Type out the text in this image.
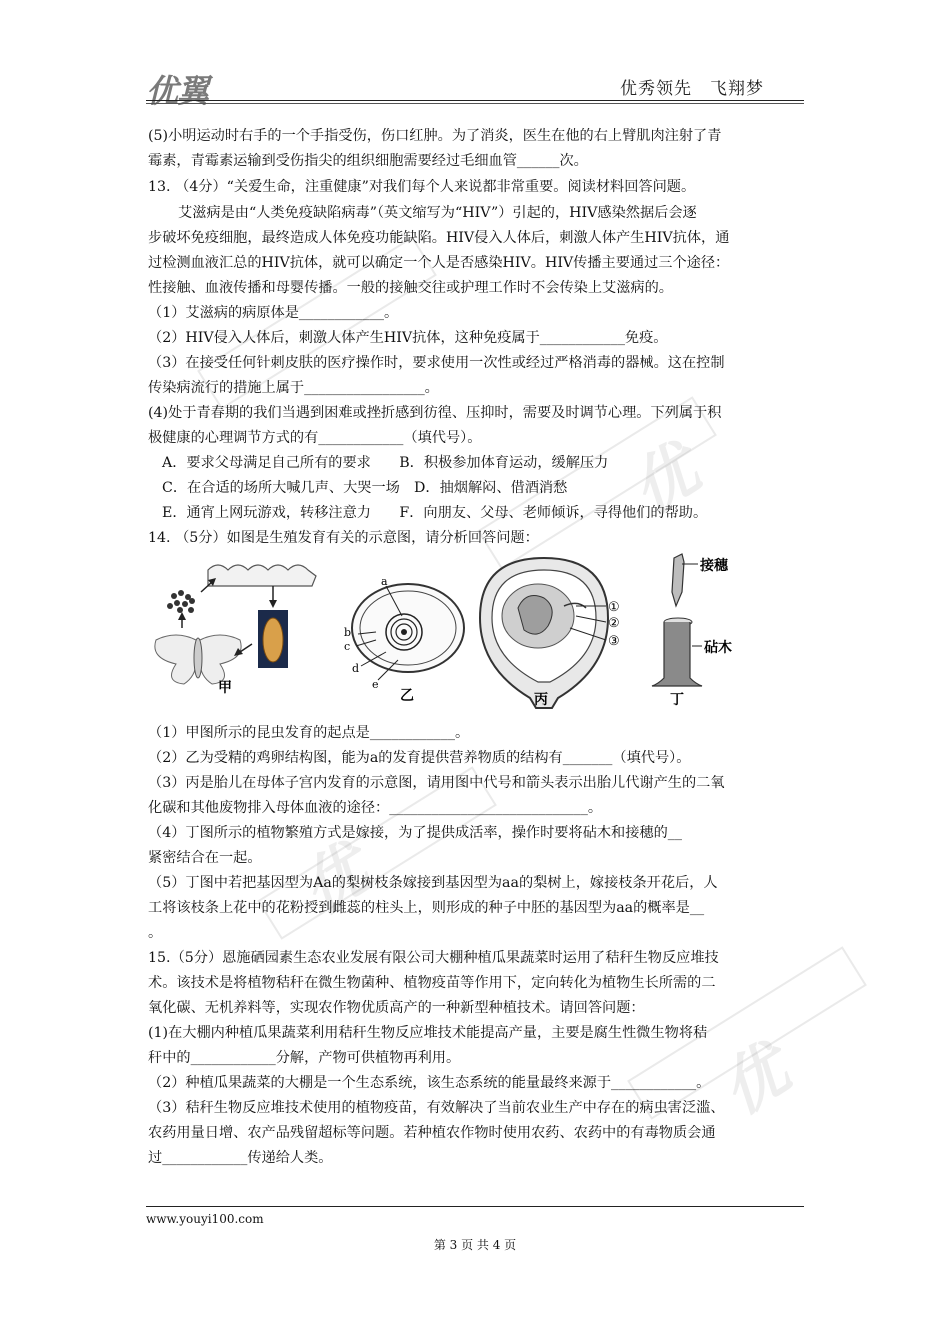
优
优
优
优翼	优秀领先　飞翔梦
(5)小明运动时右手的一个手指受伤，伤口红肿。为了消炎，医生在他的右上臂肌肉注射了青
霉素，青霉素运输到受伤指尖的组织细胞需要经过毛细血管______次。
13. （4分）“关爱生命，注重健康”对我们每个人来说都非常重要。阅读材料回答问题。
艾滋病是由“人类免疫缺陷病毒”（英文缩写为“HIV”）引起的，HIV感染然据后会逐
步破坏免疫细胞，最终造成人体免疫功能缺陷。HIV侵入人体后，刺激人体产生HIV抗体，通
过检测血液汇总的HIV抗体，就可以确定一个人是否感染HIV。HIV传播主要通过三个途径：
性接触、血液传播和母婴传播。一般的接触交往或护理工作时不会传染上艾滋病的。
（1）艾滋病的病原体是____________。
（2）HIV侵入人体后，刺激人体产生HIV抗体，这种免疫属于____________免疫。
（3）在接受任何针刺皮肤的医疗操作时，要求使用一次性或经过严格消毒的器械。这在控制
传染病流行的措施上属于_________________。
(4)处于青春期的我们当遇到困难或挫折感到彷徨、压抑时，需要及时调节心理。下列属于积
极健康的心理调节方式的有____________（填代号）。
A．要求父母满足自己所有的要求　　B．积极参加体育运动，缓解压力
C．在合适的场所大喊几声、大哭一场　D．抽烟解闷、借酒消愁
E．通宵上网玩游戏，转移注意力　　F．向朋友、父母、老师倾诉，寻得他们的帮助。
14. （5分）如图是生殖发育有关的示意图，请分析回答问题：
甲
a
b
c
d
e
乙
①
②
③
丙
接穗
砧木
丁
（1）甲图所示的昆虫发育的起点是____________。
（2）乙为受精的鸡卵结构图，能为a的发育提供营养物质的结构有_______（填代号）。
（3）丙是胎儿在母体子宫内发育的示意图，请用图中代号和箭头表示出胎儿代谢产生的二氧
化碳和其他废物排入母体血液的途径：____________________________。
（4）丁图所示的植物繁殖方式是嫁接，为了提供成活率，操作时要将砧木和接穗的__
紧密结合在一起。
（5）丁图中若把基因型为Aa的梨树枝条嫁接到基因型为aa的梨树上，嫁接枝条开花后，人
工将该枝条上花中的花粉授到雌蕊的柱头上，则形成的种子中胚的基因型为aa的概率是__
。
15.（5分）恩施硒园素生态农业发展有限公司大棚种植瓜果蔬菜时运用了秸秆生物反应堆技
术。该技术是将植物秸秆在微生物菌种、植物疫苗等作用下，定向转化为植物生长所需的二
氧化碳、无机养料等，实现农作物优质高产的一种新型种植技术。请回答问题：
(1)在大棚内种植瓜果蔬菜利用秸秆生物反应堆技术能提高产量，主要是腐生性微生物将秸
秆中的____________分解，产物可供植物再利用。
（2）种植瓜果蔬菜的大棚是一个生态系统，该生态系统的能量最终来源于____________。
（3）秸秆生物反应堆技术使用的植物疫苗，有效解决了当前农业生产中存在的病虫害泛滥、
农药用量日增、农产品残留超标等问题。若种植农作物时使用农药、农药中的有毒物质会通
过____________传递给人类。
www.youyi100.com
第 3 页 共 4 页
